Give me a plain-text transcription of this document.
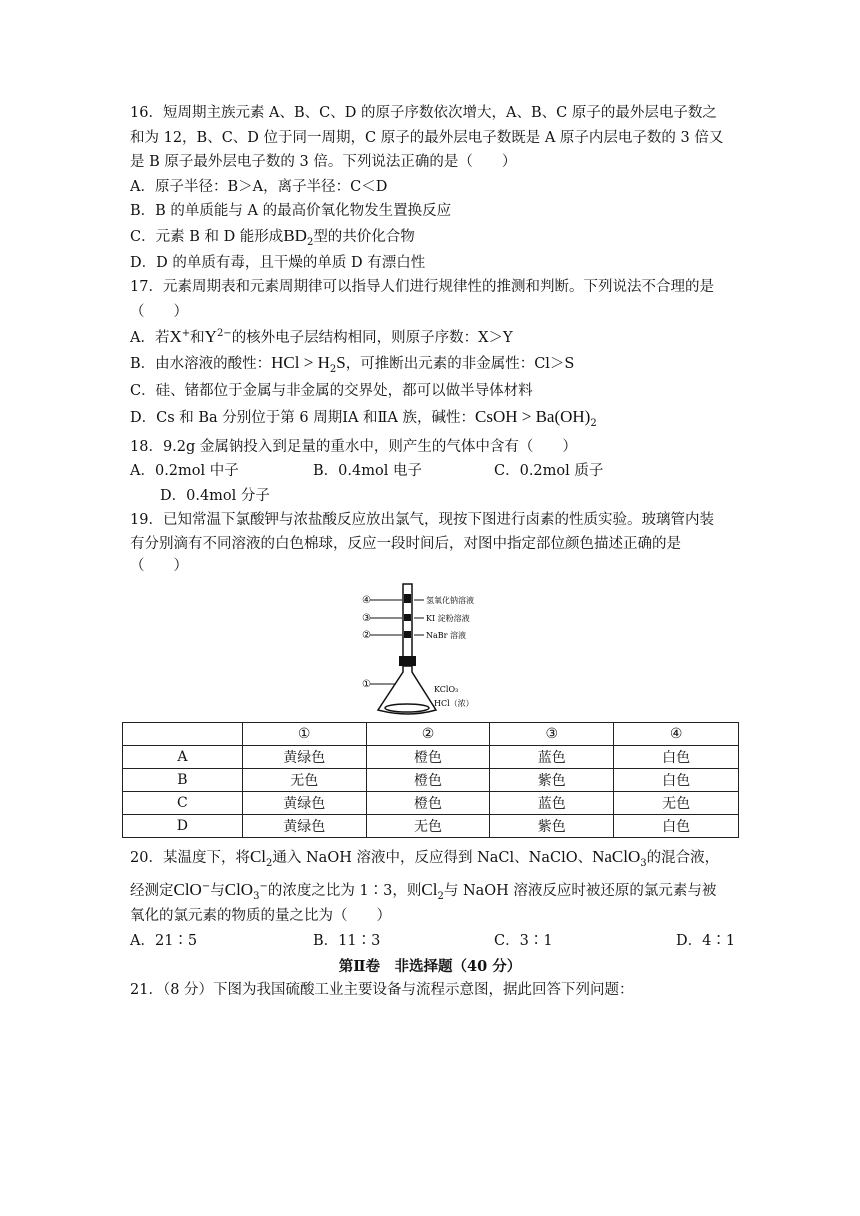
16．短周期主族元素 A、B、C、D 的原子序数依次增大，A、B、C 原子的最外层电子数之
和为 12，B、C、D 位于同一周期，C 原子的最外层电子数既是 A 原子内层电子数的 3 倍又
是 B 原子最外层电子数的 3 倍。下列说法正确的是（　　）
A．原子半径：B＞A，离子半径：C＜D
B．B 的单质能与 A 的最高价氧化物发生置换反应
C．元素 B 和 D 能形成$BD_2$型的共价化合物
D．D 的单质有毒，且干燥的单质 D 有漂白性
17．元素周期表和元素周期律可以指导人们进行规律性的推测和判断。下列说法不合理的是
（　　）
A．若X+和$Y^{2-}$的核外电子层结构相同，则原子序数：X＞Y
B．由水溶液的酸性：HCl > $H_2S$，可推断出元素的非金属性：Cl＞S
C．硅、锗都位于金属与非金属的交界处，都可以做半导体材料
D．Cs 和 Ba 分别位于第 6 周期ⅠA 和ⅡA 族，碱性：CsOH > $Ba(OH)_2$
18．9.2g 金属钠投入到足量的重水中，则产生的气体中含有（　　）
A．0.2mol 中子	B．0.4mol 电子	C．0.2mol 质子
D．0.4mol 分子
19．已知常温下氯酸钾与浓盐酸反应放出氯气，现按下图进行卤素的性质实验。玻璃管内装
有分别滴有不同溶液的白色棉球，反应一段时间后，对图中指定部位颜色描述正确的是
（　　）
④
③
②
①
氢氧化钠溶液
KI 淀粉溶液
NaBr 溶液
KClO₃
HCl（浓）
	①	②	③	④
A	黄绿色	橙色	蓝色	白色
B	无色	橙色	紫色	白色
C	黄绿色	橙色	蓝色	无色
D	黄绿色	无色	紫色	白色
20．某温度下，将$Cl_2$通入 NaOH 溶液中，反应得到 NaCl、NaClO、NaClO$_3$的混合液，
经测定ClO−与ClO$_3$−的浓度之比为 1∶3，则$Cl_2$与 NaOH 溶液反应时被还原的氯元素与被
氧化的氯元素的物质的量之比为（　　）
A．21∶5	B．11∶3	C．3∶1	D．4∶1
第Ⅱ卷　非选择题（40 分）
21．（8 分）下图为我国硫酸工业主要设备与流程示意图，据此回答下列问题：
